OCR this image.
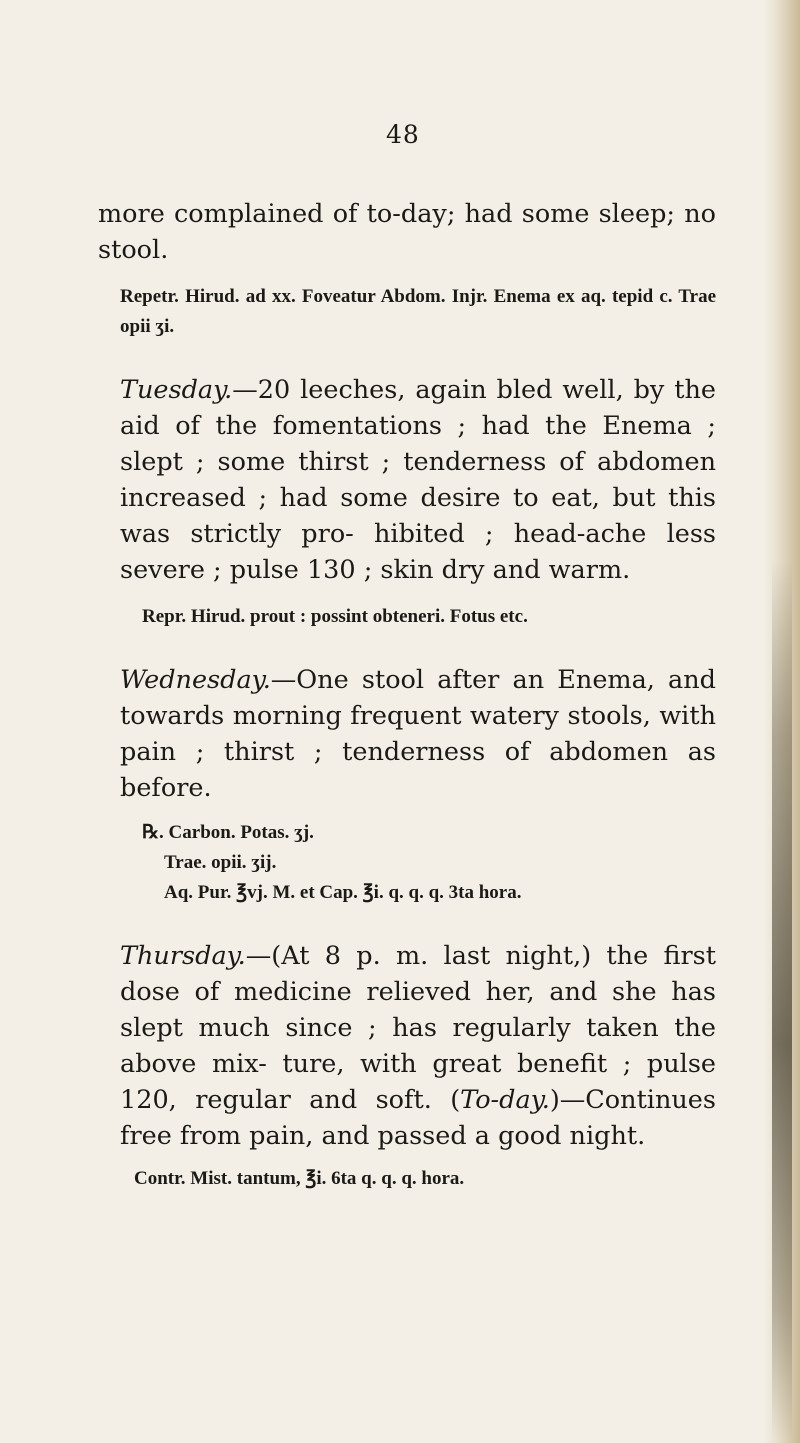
48

more complained of to-day; had some sleep; no stool.

Repetr. Hirud. ad xx. Foveatur Abdom. Injr. Enema ex aq. tepid c. Trae opii ʒi.

Tuesday.—20 leeches, again bled well, by the aid of the fomentations ; had the Enema ; slept ; some thirst ; tenderness of abdomen increased ; had some desire to eat, but this was strictly pro- hibited ; head-ache less severe ; pulse 130 ; skin dry and warm.

Repr. Hirud. prout : possint obteneri. Fotus etc.

Wednesday.—One stool after an Enema, and towards morning frequent watery stools, with pain ; thirst ; tenderness of abdomen as before.

℞. Carbon. Potas. ʒj.
Trae. opii. ʒij.
Aq. Pur. ℥vj. M. et Cap. ℥i. q. q. q. 3ta hora.

Thursday.—(At 8 p. m. last night,) the first dose of medicine relieved her, and she has slept much since ; has regularly taken the above mix- ture, with great benefit ; pulse 120, regular and soft. (To-day.)—Continues free from pain, and passed a good night.

Contr. Mist. tantum, ℥i. 6ta q. q. q. hora.
